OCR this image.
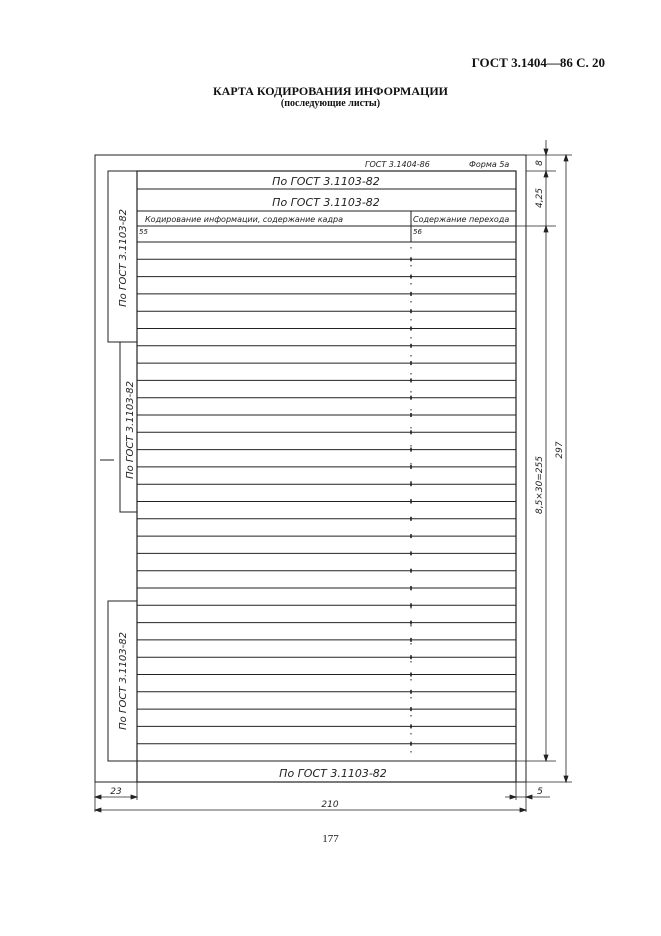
ГОСТ 3.1404—86 С. 20
КАРТА КОДИРОВАНИЯ ИНФОРМАЦИИ
(последующие листы)
ГОСТ 3.1404-86	Форма 5а
По ГОСТ 3.1103-82
По ГОСТ 3.1103-82
Кодирование информации, содержание кадра	Содержание перехода
55	56
По ГОСТ 3.1103-82
По ГОСТ 3.1103-82
По ГОСТ 3.1103-82
По ГОСТ 3.1103-82
8
4,25
8,5×30=255
297
23
210
5
177
